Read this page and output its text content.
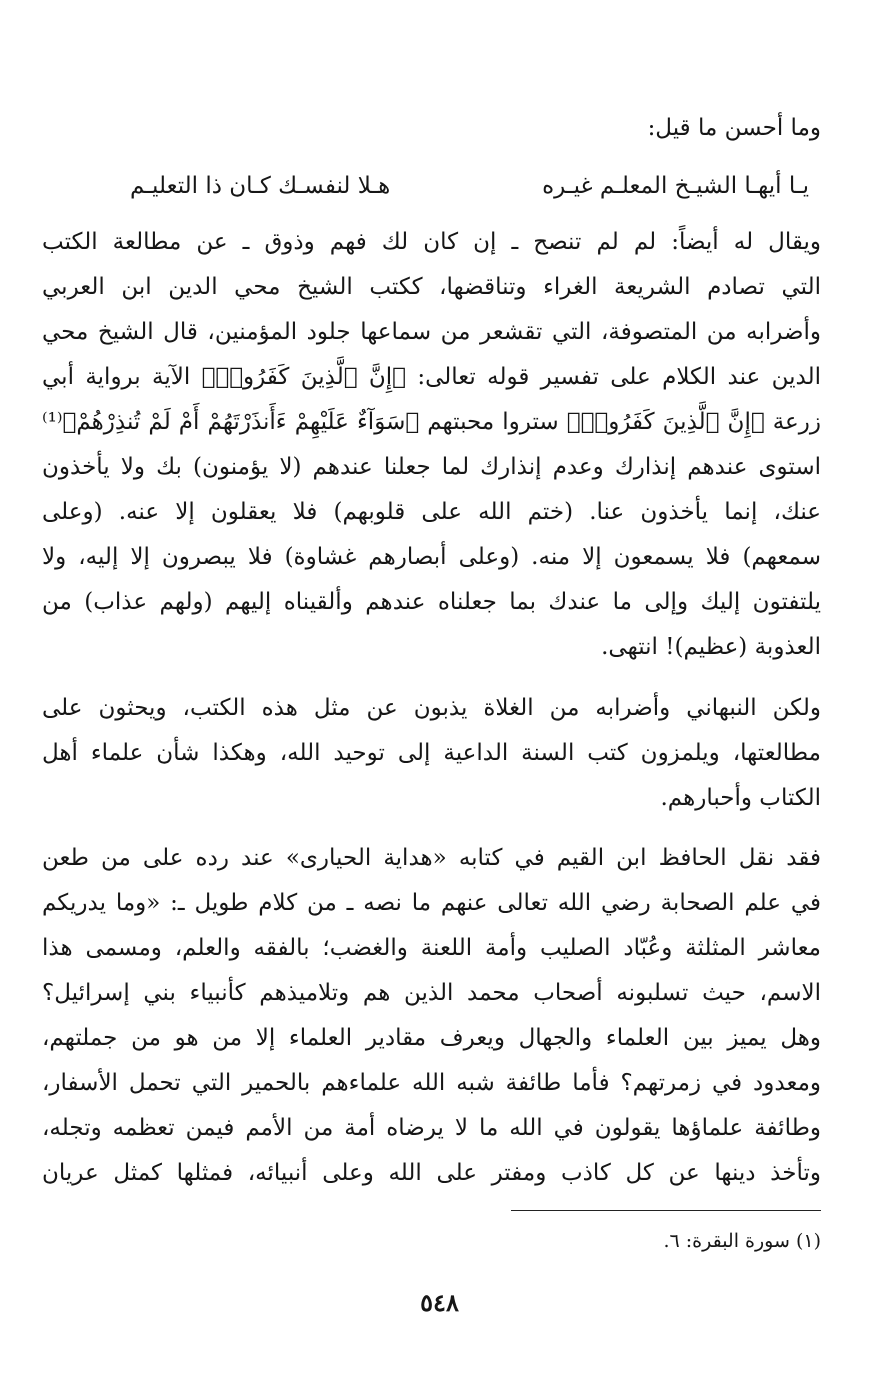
وما أحسن ما قيل:
يـا أيهـا الشيـخ المعلـم غيـره
هـلا لنفسـك كـان ذا التعليـم
ويقال له أيضاً: لم لم تنصح ـ إن كان لك فهم وذوق ـ عن مطالعة الكتب
التي تصادم الشريعة الغراء وتناقضها، ككتب الشيخ محي الدين ابن العربي
وأضرابه من المتصوفة، التي تقشعر من سماعها جلود المؤمنين، قال الشيخ محي
الدين عند الكلام على تفسير قوله تعالى: ﴿إِنَّ ٱلَّذِينَ كَفَرُوا۟﴾ الآية برواية أبي
زرعة ﴿إِنَّ ٱلَّذِينَ كَفَرُوا۟﴾ ستروا محبتهم ﴿سَوَآءٌ عَلَيْهِمْ ءَأَنذَرْتَهُمْ أَمْ لَمْ تُنذِرْهُمْ﴾⁽¹⁾
استوى عندهم إنذارك وعدم إنذارك لما جعلنا عندهم (لا يؤمنون) بك ولا يأخذون
عنك، إنما يأخذون عنا. (ختم الله على قلوبهم) فلا يعقلون إلا عنه. (وعلى
سمعهم) فلا يسمعون إلا منه. (وعلى أبصارهم غشاوة) فلا يبصرون إلا إليه، ولا
يلتفتون إليك وإلى ما عندك بما جعلناه عندهم وألقيناه إليهم (ولهم عذاب) من
العذوبة (عظيم)! انتهى.
ولكن النبهاني وأضرابه من الغلاة يذبون عن مثل هذه الكتب، ويحثون على
مطالعتها، ويلمزون كتب السنة الداعية إلى توحيد الله، وهكذا شأن علماء أهل
الكتاب وأحبارهم.
فقد نقل الحافظ ابن القيم في كتابه «هداية الحيارى» عند رده على من طعن
في علم الصحابة رضي الله تعالى عنهم ما نصه ـ من كلام طويل ـ: «وما يدريكم
معاشر المثلثة وعُبّاد الصليب وأمة اللعنة والغضب؛ بالفقه والعلم، ومسمى هذا
الاسم، حيث تسلبونه أصحاب محمد الذين هم وتلاميذهم كأنبياء بني إسرائيل؟
وهل يميز بين العلماء والجهال ويعرف مقادير العلماء إلا من هو من جملتهم،
ومعدود في زمرتهم؟ فأما طائفة شبه الله علماءهم بالحمير التي تحمل الأسفار،
وطائفة علماؤها يقولون في الله ما لا يرضاه أمة من الأمم فيمن تعظمه وتجله،
وتأخذ دينها عن كل كاذب ومفتر على الله وعلى أنبيائه، فمثلها كمثل عريان
(١) سورة البقرة: ٦.
٥٤٨
